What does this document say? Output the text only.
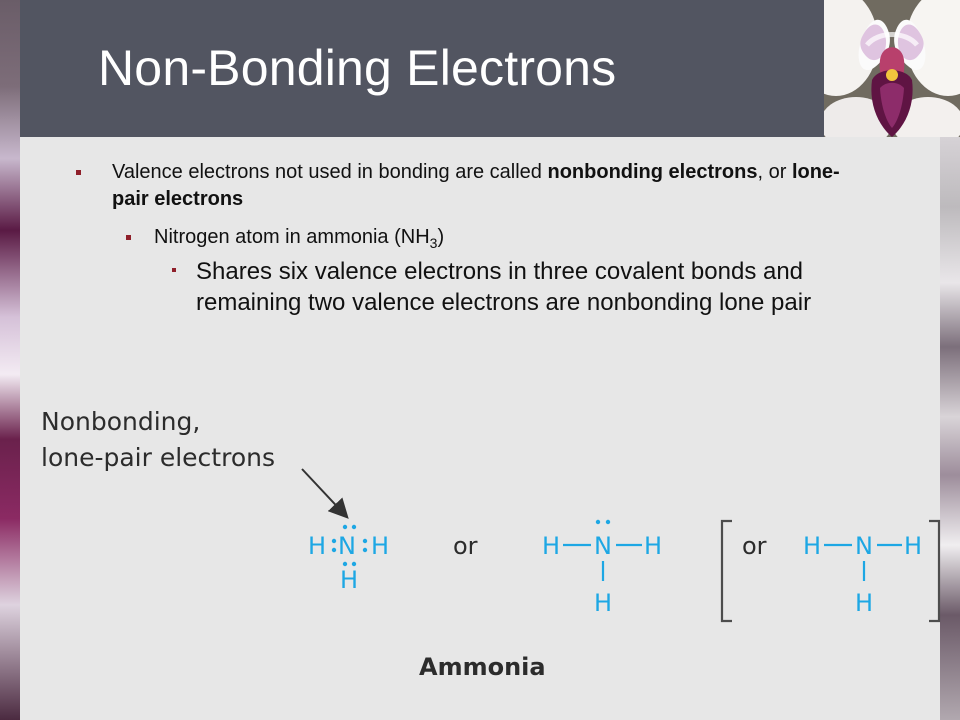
Non-Bonding Electrons
Valence electrons not used in bonding are called nonbonding electrons, or lone-pair electrons
Nitrogen atom in ammonia $(NH_3)$
Shares six valence electrons in three covalent bonds and remaining two valence electrons are nonbonding lone pair
Nonbonding,
lone-pair electrons
H N H
H
or	H N H
H
or H N H
H
Ammonia
